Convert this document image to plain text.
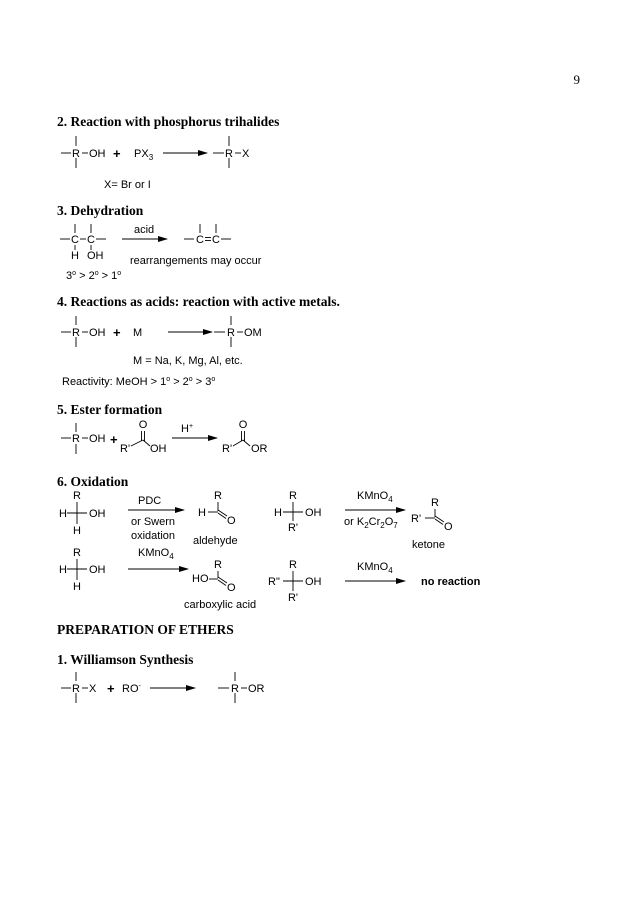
9
2. Reaction with phosphorus trihalides
R OH + $PX_3$	R X
X= Br or I
3. Dehydration
C C
H OH
acid
C C
rearrangements may occur
$3^o > 2^o > 1^o$
4. Reactions as acids: reaction with active metals.
R OH + M	R OM
M = Na, K, Mg, Al, etc.
Reactivity: MeOH > $1^o > 2^o > 3^o$
5. Ester formation
R OH +
O
R' OH
H+	O
R' OR
6. Oxidation
R
H OH
H
PDC
or Swern
oxidation
R
H
O
aldehyde
R
H OH
R'
KMnO$_4$
or $K_2Cr_2O_7$
R
R'
O
ketone
R
H OH
H
KMnO$_4$
R
HO
O
carboxylic acid
R
R" OH
R'
KMnO$_4$
no reaction
PREPARATION OF ETHERS
1. Williamson Synthesis
R X + RO-	R OR
